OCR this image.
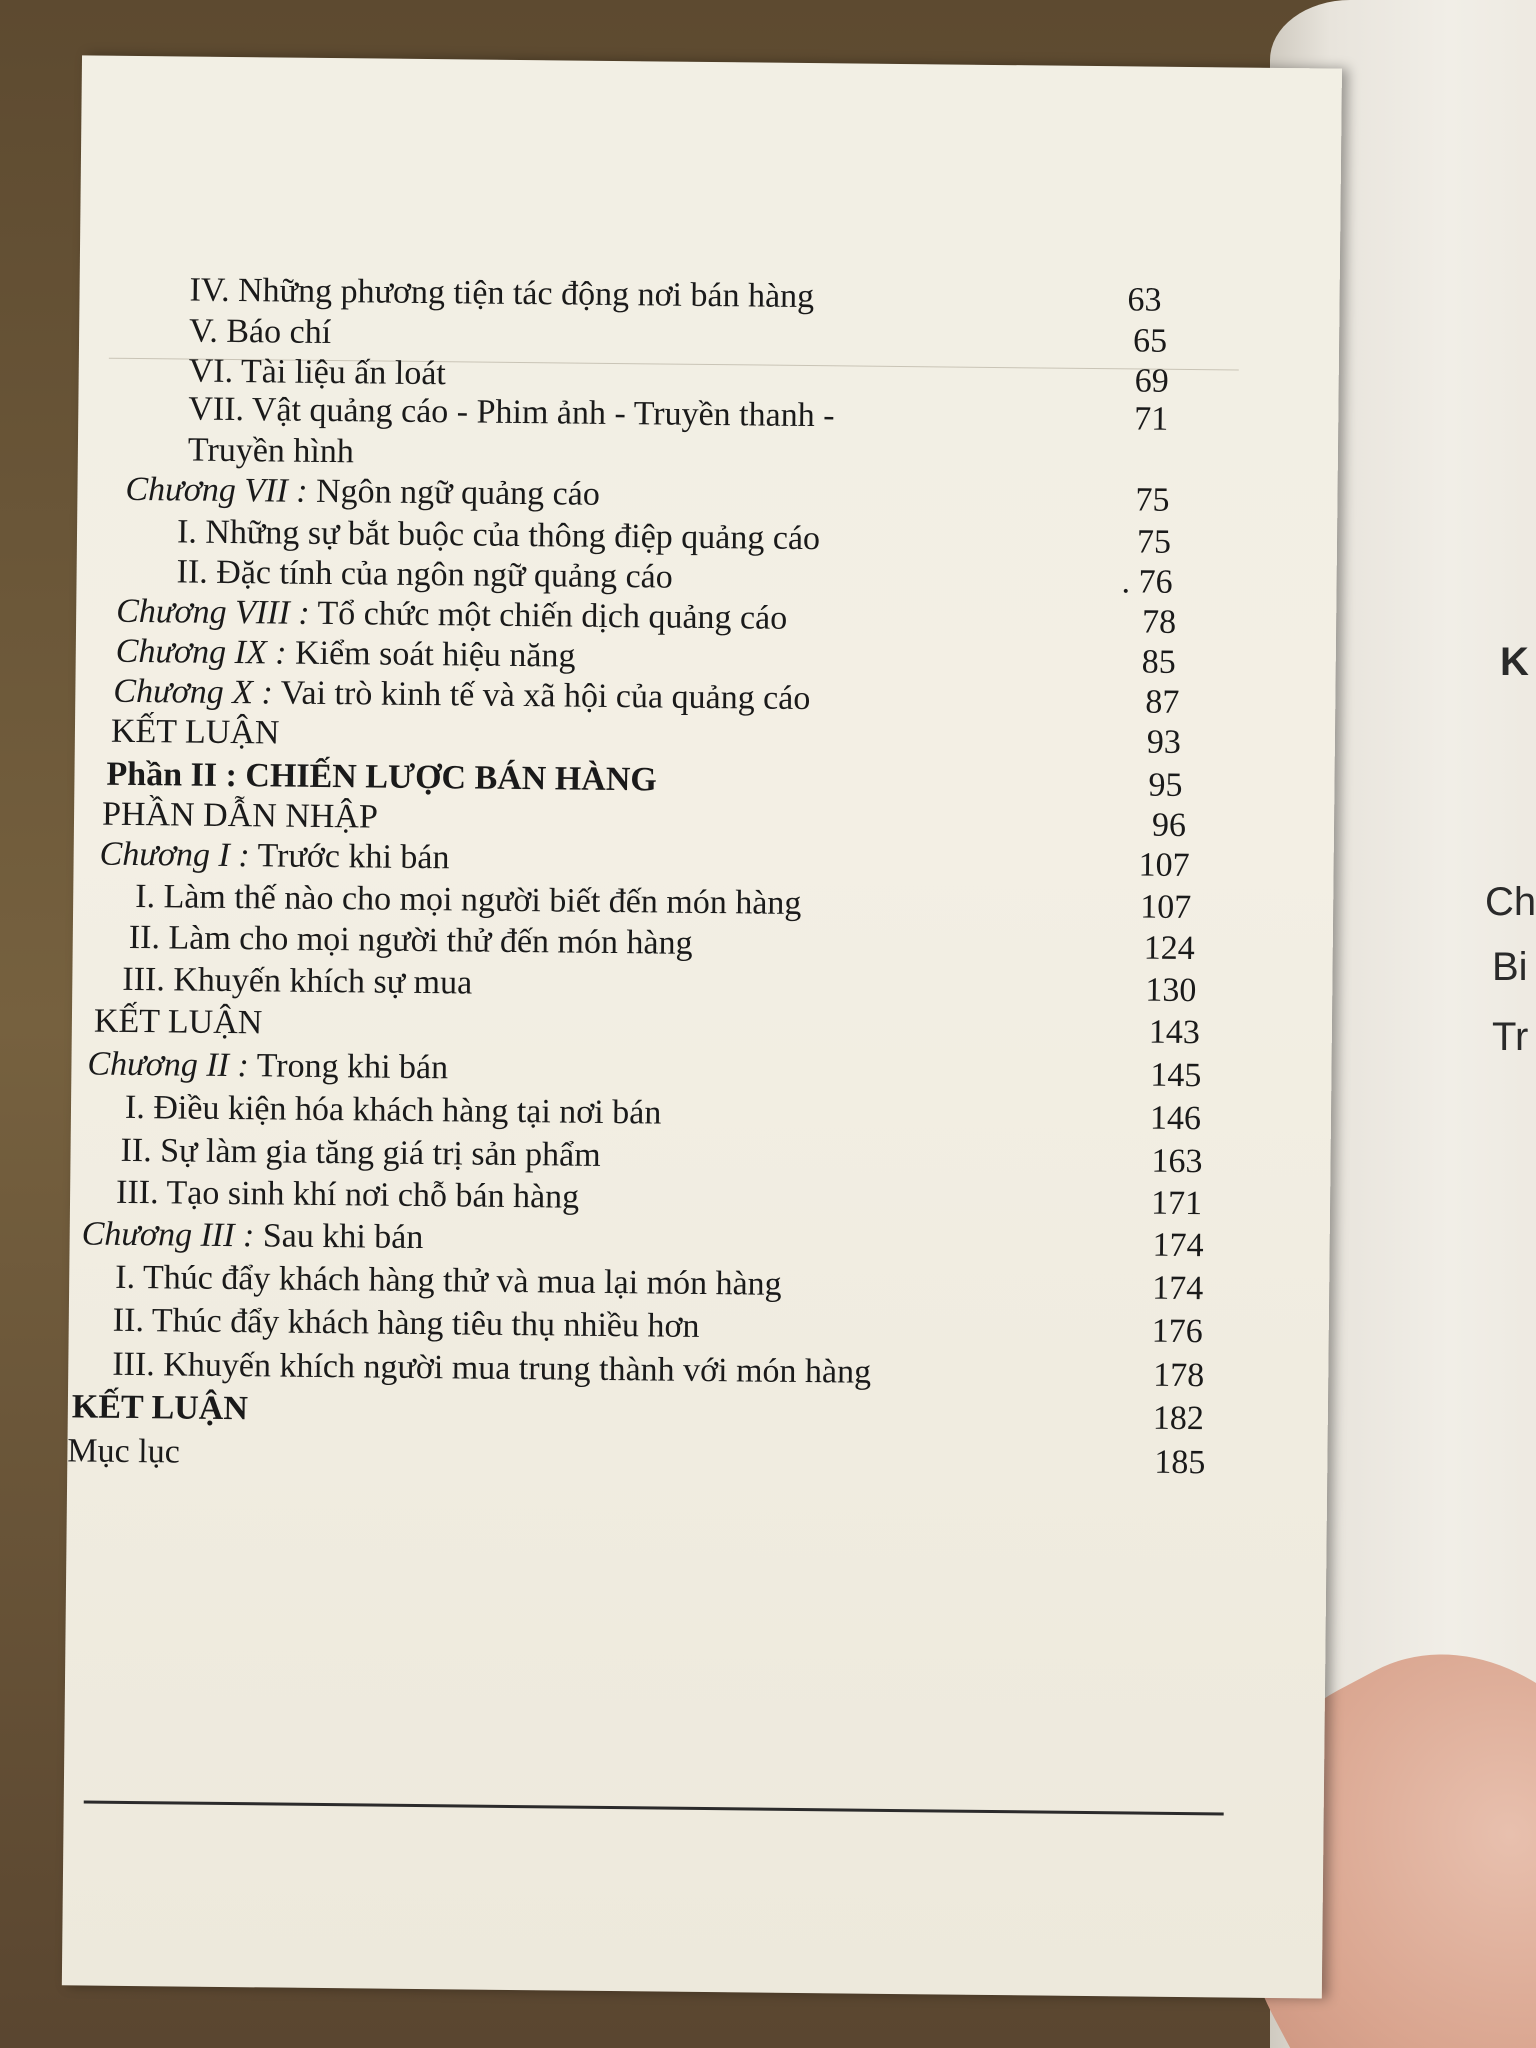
K
Ch
Bi
Tr
IV. Những phương tiện tác động nơi bán hàng	63
V. Báo chí	65
VI. Tài liệu ấn loát	69
VII. Vật quảng cáo - Phim ảnh - Truyền thanh -	71
Truyền hình
Chương VII : Ngôn ngữ quảng cáo	75
I. Những sự bắt buộc của thông điệp quảng cáo	75
II. Đặc tính của ngôn ngữ quảng cáo	. 76
Chương VIII : Tổ chức một chiến dịch quảng cáo	78
Chương IX : Kiểm soát hiệu năng	85
Chương X : Vai trò kinh tế và xã hội của quảng cáo	87
KẾT LUẬN	93
Phần II : CHIẾN LƯỢC BÁN HÀNG	95
PHẦN DẪN NHẬP	96
Chương I : Trước khi bán	107
I. Làm thế nào cho mọi người biết đến món hàng	107
II. Làm cho mọi người thử đến món hàng	124
III. Khuyến khích sự mua	130
KẾT LUẬN	143
Chương II : Trong khi bán	145
I. Điều kiện hóa khách hàng tại nơi bán	146
II. Sự làm gia tăng giá trị sản phẩm	163
III. Tạo sinh khí nơi chỗ bán hàng	171
Chương III : Sau khi bán	174
I. Thúc đẩy khách hàng thử và mua lại món hàng	174
II. Thúc đẩy khách hàng tiêu thụ nhiều hơn	176
III. Khuyến khích người mua trung thành với món hàng	178
KẾT LUẬN	182
Mục lục	185
